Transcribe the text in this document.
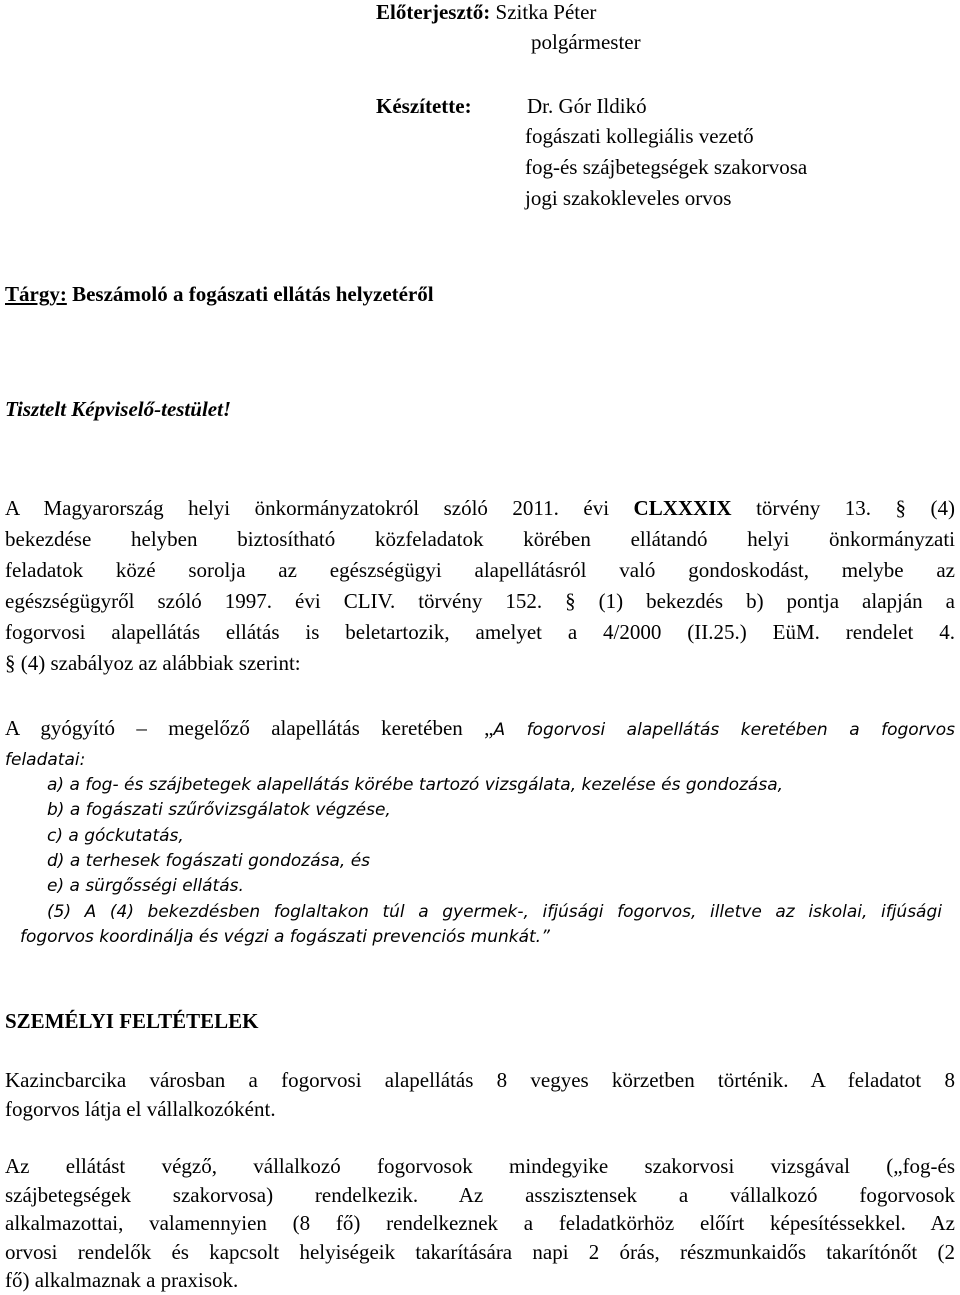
Előterjesztő: Szitka Péter
polgármester
Készítette:	Dr. Gór Ildikó
fogászati kollegiális vezető
fog-és szájbetegségek szakorvosa
jogi szakokleveles orvos
Tárgy: Beszámoló a fogászati ellátás helyzetéről
Tisztelt Képviselő-testület!
A Magyarország helyi önkormányzatokról szóló 2011. évi CLXXXIX törvény 13. § (4)
bekezdése helyben biztosítható közfeladatok körében ellátandó helyi önkormányzati
feladatok közé sorolja az egészségügyi alapellátásról való gondoskodást, melybe az
egészségügyről szóló 1997. évi CLIV. törvény 152. § (1) bekezdés b) pontja alapján a
fogorvosi alapellátás ellátás is beletartozik, amelyet a 4/2000 (II.25.) EüM. rendelet 4.
§ (4) szabályoz az alábbiak szerint:
A gyógyító – megelőző alapellátás keretében „A fogorvosi alapellátás keretében a fogorvos
feladatai:
a) a fog- és szájbetegek alapellátás körébe tartozó vizsgálata, kezelése és gondozása,
b) a fogászati szűrővizsgálatok végzése,
c) a góckutatás,
d) a terhesek fogászati gondozása, és
e) a sürgősségi ellátás.
(5) A (4) bekezdésben foglaltakon túl a gyermek-, ifjúsági fogorvos, illetve az iskolai, ifjúsági
fogorvos koordinálja és végzi a fogászati prevenciós munkát.”
SZEMÉLYI FELTÉTELEK
Kazincbarcika városban a fogorvosi alapellátás 8 vegyes körzetben történik. A feladatot 8
fogorvos látja el vállalkozóként.
Az ellátást végző, vállalkozó fogorvosok mindegyike szakorvosi vizsgával („fog-és
szájbetegségek szakorvosa) rendelkezik. Az asszisztensek a vállalkozó fogorvosok
alkalmazottai, valamennyien (8 fő) rendelkeznek a feladatkörhöz előírt képesítéssekkel. Az
orvosi rendelők és kapcsolt helyiségeik takarítására napi 2 órás, részmunkaidős takarítónőt (2
fő) alkalmaznak a praxisok.
